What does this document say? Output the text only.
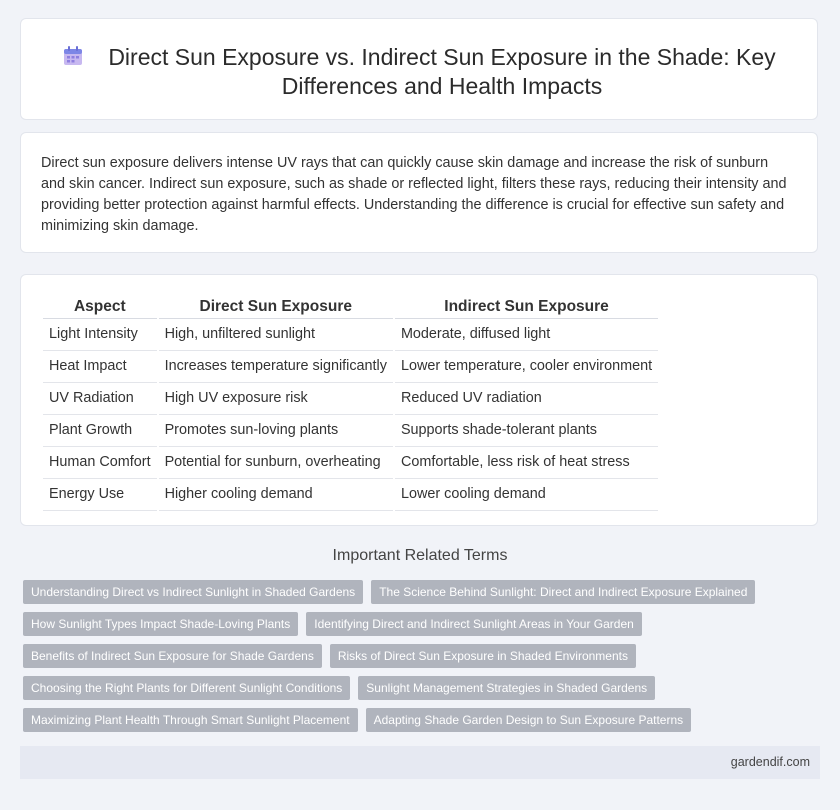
Direct Sun Exposure vs. Indirect Sun Exposure in the Shade: Key Differences and Health Impacts

Direct sun exposure delivers intense UV rays that can quickly cause skin damage and increase the risk of sunburn and skin cancer. Indirect sun exposure, such as shade or reflected light, filters these rays, reducing their intensity and providing better protection against harmful effects. Understanding the difference is crucial for effective sun safety and minimizing skin damage.

Aspect		Direct Sun Exposure		Indirect Sun Exposure
Light Intensity		High, unfiltered sunlight		Moderate, diffused light
Heat Impact		Increases temperature significantly		Lower temperature, cooler environment
UV Radiation		High UV exposure risk		Reduced UV radiation
Plant Growth		Promotes sun-loving plants		Supports shade-tolerant plants
Human Comfort		Potential for sunburn, overheating		Comfortable, less risk of heat stress
Energy Use		Higher cooling demand		Lower cooling demand
Important Related Terms
Understanding Direct vs Indirect Sunlight in Shaded Gardens	The Science Behind Sunlight: Direct and Indirect Exposure Explained
How Sunlight Types Impact Shade-Loving Plants	Identifying Direct and Indirect Sunlight Areas in Your Garden
Benefits of Indirect Sun Exposure for Shade Gardens	Risks of Direct Sun Exposure in Shaded Environments
Choosing the Right Plants for Different Sunlight Conditions	Sunlight Management Strategies in Shaded Gardens
Maximizing Plant Health Through Smart Sunlight Placement	Adapting Shade Garden Design to Sun Exposure Patterns
gardendif.com
